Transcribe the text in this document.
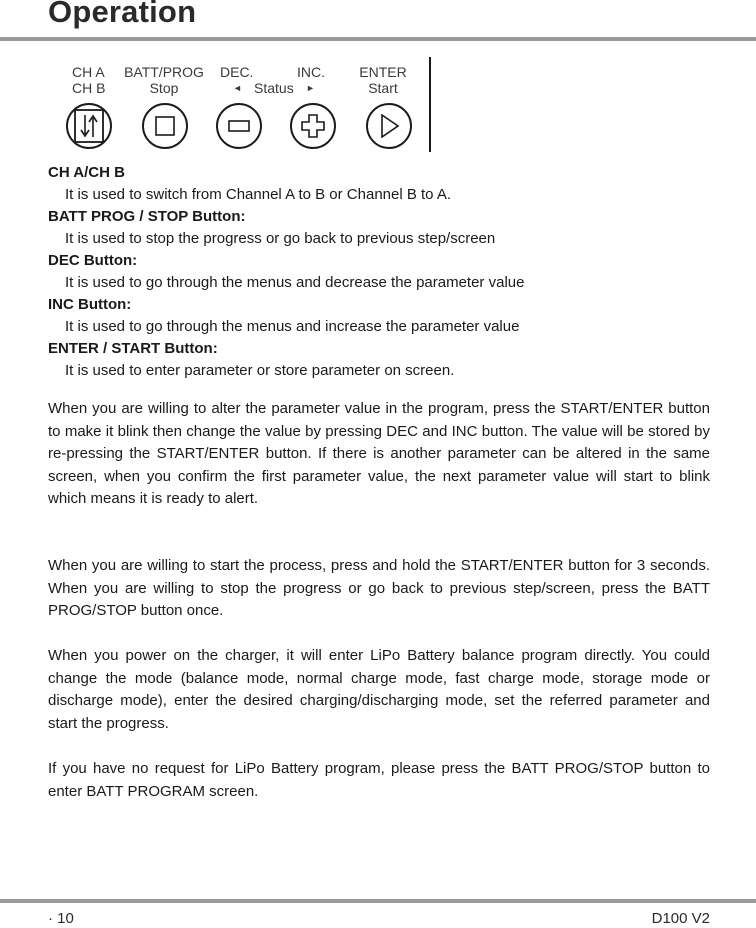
Operation
CH A
CH B
BATT/PROG
Stop
DEC.	INC.
◄ Status ►
ENTER
Start
CH A/CH B
It is used to switch from Channel A to B or Channel B to A.
BATT PROG / STOP Button:
It is used to stop the progress or go back to previous step/screen
DEC Button:
It is used to go through the menus and decrease the parameter value
INC Button:
It is used to go through the menus and increase the parameter value
ENTER / START Button:
It is used to enter parameter or store parameter on screen.
When you are willing to alter the parameter value in the program, press the START/ENTER button to make it blink then change the value by pressing DEC and INC button. The value will be stored by re-pressing the START/ENTER button. If there is another parameter can be altered in the same screen, when you confirm the first parameter value, the next parameter value will start to blink which means it is ready to alert.
When you are willing to start the process, press and hold the START/ENTER button for 3 seconds. When you are willing to stop the progress or go back to previous step/screen, press the BATT PROG/STOP button once.
When you power on the charger, it will enter LiPo Battery balance program directly. You could change the mode (balance mode, normal charge mode, fast charge mode, storage mode or discharge mode), enter the desired charging/discharging mode, set the referred parameter and start the progress.
If you have no request for LiPo Battery program, please press the BATT PROG/STOP button to enter BATT PROGRAM screen.
· 10	D100 V2
